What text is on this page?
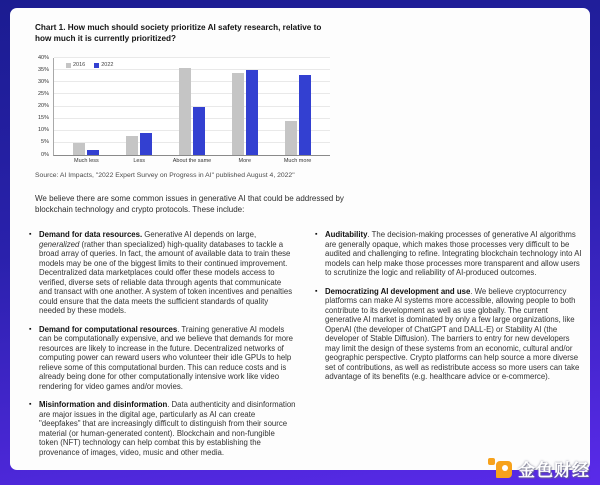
Chart 1. How much should society prioritize AI safety research, relative to how much it is currently prioritized?
0%
5%
10%
15%
20%
25%
30%
35%
40%
2016	2022
Much less	Less	About the same	More	Much more
Source: AI Impacts, "2022 Expert Survey on Progress in AI" published August 4, 2022"
We believe there are some common issues in generative AI that could be addressed by blockchain technology and crypto protocols. These include:
▪ Demand for data resources. Generative AI depends on large, generalized (rather than specialized) high-quality databases to tackle a broad array of queries. In fact, the amount of available data to train these models may be one of the biggest limits to their continued improvement. Decentralized data marketplaces could offer these models access to verified, diverse sets of reliable data through agents that communicate and transact with one another. A system of token incentives and penalties could ensure that the data meets the sufficient standards of quality needed by these models.
▪ Demand for computational resources. Training generative AI models can be computationally expensive, and we believe that demands for more resources are likely to increase in the future. Decentralized networks of computing power can reward users who volunteer their idle GPUs to help relieve some of this computational burden. This can reduce costs and is already being done for other computationally intensive work like video rendering for video games and/or movies.
▪ Misinformation and disinformation. Data authenticity and disinformation are major issues in the digital age, particularly as AI can create "deepfakes" that are increasingly difficult to distinguish from their source material (or human-generated content). Blockchain and non-fungible token (NFT) technology can help combat this by establishing the provenance of images, video, music and other media.
▪ Auditability. The decision-making processes of generative AI algorithms are generally opaque, which makes those processes very difficult to be audited and challenging to refine. Integrating blockchain technology into AI models can help make those processes more transparent and allow users to scrutinize the logic and reliability of AI-produced outcomes.
▪ Democratizing AI development and use. We believe cryptocurrency platforms can make AI systems more accessible, allowing people to both contribute to its development as well as use globally. The current generative AI market is dominated by only a few large organizations, like OpenAI (the developer of ChatGPT and DALL-E) or Stability AI (the developer of Stable Diffusion). The barriers to entry for new developers may limit the design of these systems from an economic, cultural and/or geographic perspective. Crypto platforms can help source a more diverse set of contributions, as well as redistribute access so more users can take advantage of its benefits (e.g. healthcare advice or e-commerce).
金色财经
